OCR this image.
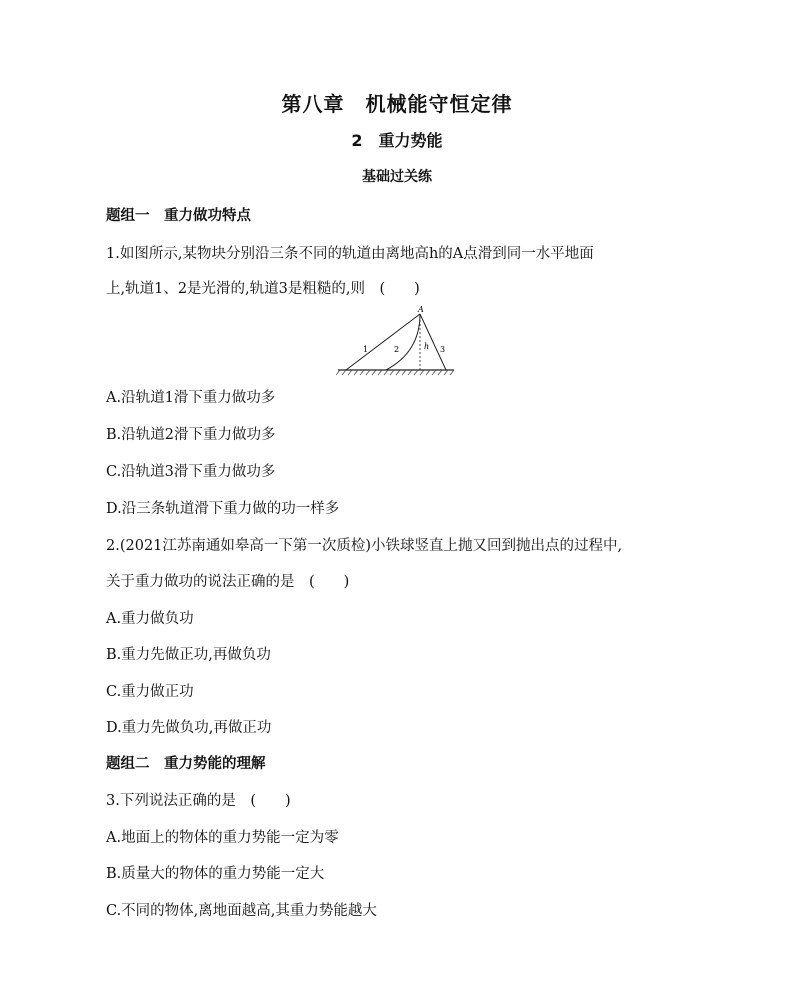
第八章　机械能守恒定律
2　重力势能
基础过关练
题组一　重力做功特点
1.如图所示,某物块分别沿三条不同的轨道由离地高h的A点滑到同一水平地面
上,轨道1、2是光滑的,轨道3是粗糙的,则　(　　)
A
h
1	2	3
A.沿轨道1滑下重力做功多
B.沿轨道2滑下重力做功多
C.沿轨道3滑下重力做功多
D.沿三条轨道滑下重力做的功一样多
2.(2021江苏南通如皋高一下第一次质检)小铁球竖直上抛又回到抛出点的过程中,
关于重力做功的说法正确的是　(　　)
A.重力做负功
B.重力先做正功,再做负功
C.重力做正功
D.重力先做负功,再做正功
题组二　重力势能的理解
3.下列说法正确的是　(　　)
A.地面上的物体的重力势能一定为零
B.质量大的物体的重力势能一定大
C.不同的物体,离地面越高,其重力势能越大
